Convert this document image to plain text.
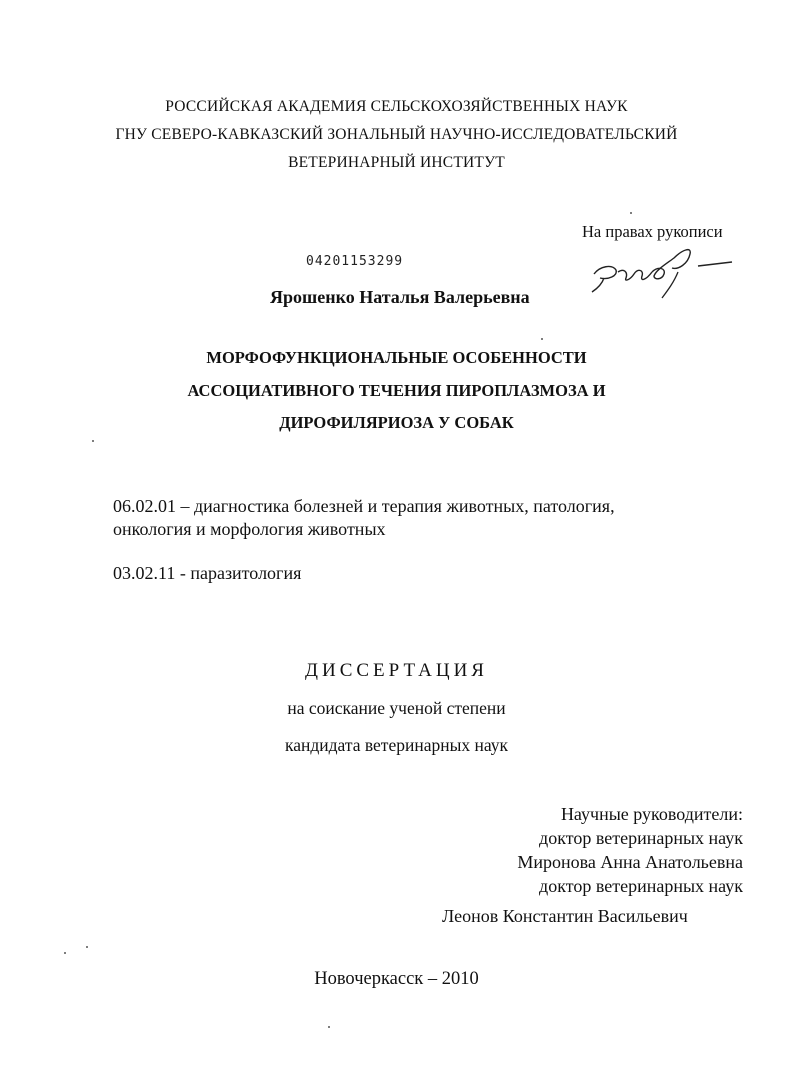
РОССИЙСКАЯ АКАДЕМИЯ СЕЛЬСКОХОЗЯЙСТВЕННЫХ НАУК
ГНУ СЕВЕРО-КАВКАЗСКИЙ ЗОНАЛЬНЫЙ НАУЧНО-ИССЛЕДОВАТЕЛЬСКИЙ
ВЕТЕРИНАРНЫЙ ИНСТИТУТ
На правах рукописи
04201153299
Ярошенко Наталья Валерьевна
МОРФОФУНКЦИОНАЛЬНЫЕ ОСОБЕННОСТИ
АССОЦИАТИВНОГО ТЕЧЕНИЯ ПИРОПЛАЗМОЗА И
ДИРОФИЛЯРИОЗА У СОБАК
06.02.01 – диагностика болезней и терапия животных, патология,
онкология и морфология животных
03.02.11 - паразитология
ДИССЕРТАЦИЯ
на соискание ученой степени
кандидата ветеринарных наук
Научные руководители:
доктор ветеринарных наук
Миронова Анна Анатольевна
доктор ветеринарных наук
Леонов Константин Васильевич
Новочеркасск – 2010
